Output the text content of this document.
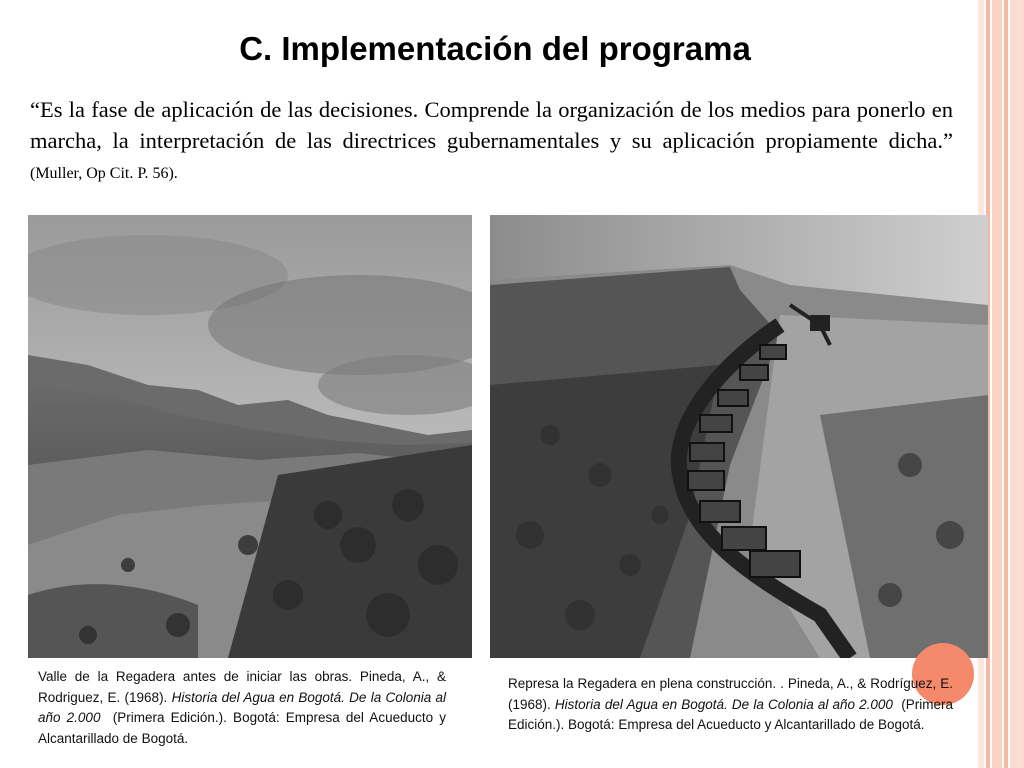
C. Implementación del programa

“Es la fase de aplicación de las decisiones. Comprende la organización de los medios para ponerlo en marcha, la interpretación de las directrices gubernamentales y su aplicación propiamente dicha.” (Muller, Op Cit. P. 56).

Valle de la Regadera antes de iniciar las obras. Pineda, A., & Rodriguez, E. (1968). Historia del Agua en Bogotá. De la Colonia al año 2.000 (Primera Edición.). Bogotá: Empresa del Acueducto y Alcantarillado de Bogotá.
Represa la Regadera en plena construcción. . Pineda, A., & Rodríguez, E. (1968). Historia del Agua en Bogotá. De la Colonia al año 2.000 (Primera Edición.). Bogotá: Empresa del Acueducto y Alcantarillado de Bogotá.
